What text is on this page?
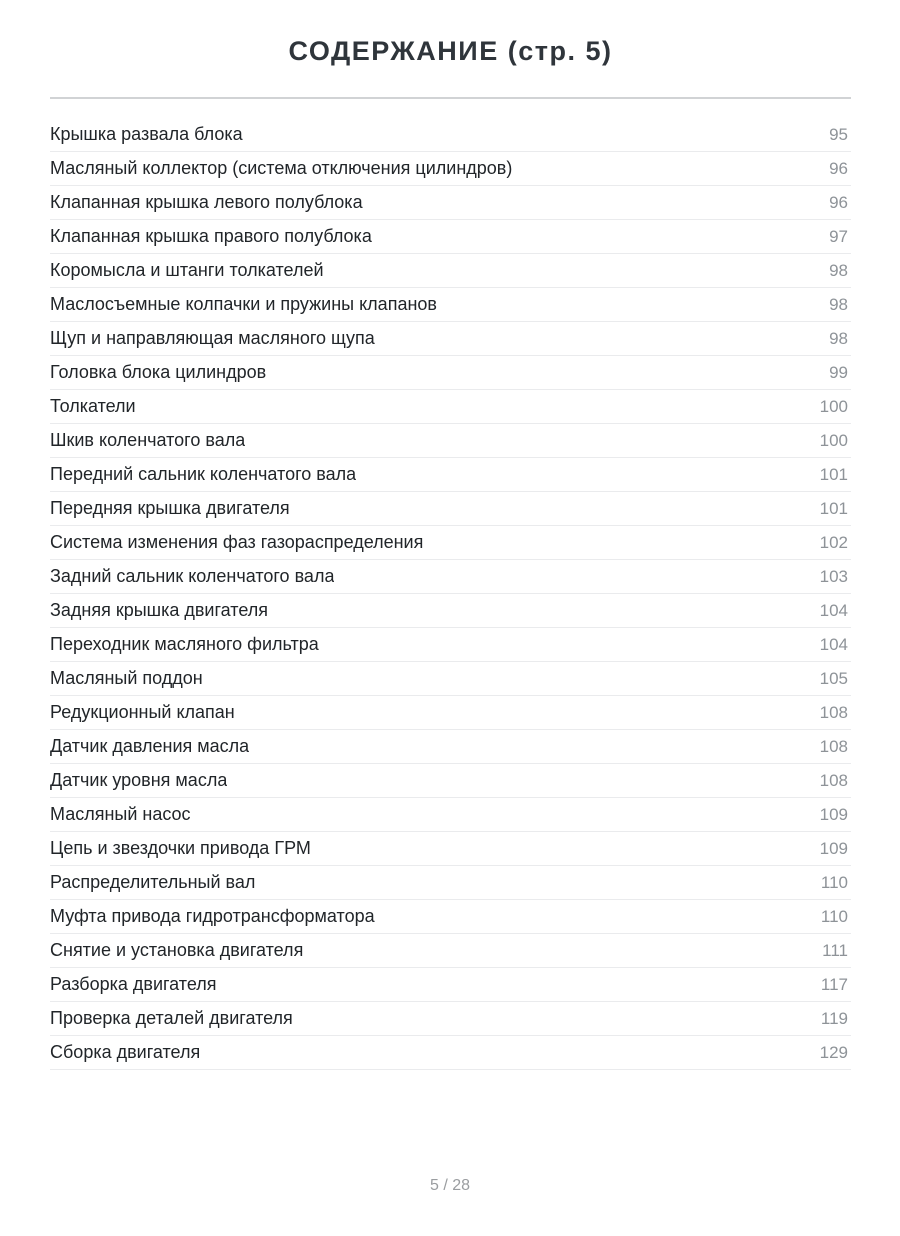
СОДЕРЖАНИЕ (стр. 5)
Крышка развала блока	95
Масляный коллектор (система отключения цилиндров)	96
Клапанная крышка левого полублока	96
Клапанная крышка правого полублока	97
Коромысла и штанги толкателей	98
Маслосъемные колпачки и пружины клапанов	98
Щуп и направляющая масляного щупа	98
Головка блока цилиндров	99
Толкатели	100
Шкив коленчатого вала	100
Передний сальник коленчатого вала	101
Передняя крышка двигателя	101
Система изменения фаз газораспределения	102
Задний сальник коленчатого вала	103
Задняя крышка двигателя	104
Переходник масляного фильтра	104
Масляный поддон	105
Редукционный клапан	108
Датчик давления масла	108
Датчик уровня масла	108
Масляный насос	109
Цепь и звездочки привода ГРМ	109
Распределительный вал	110
Муфта привода гидротрансформатора	110
Снятие и установка двигателя	111
Разборка двигателя	117
Проверка деталей двигателя	119
Сборка двигателя	129
5 / 28
